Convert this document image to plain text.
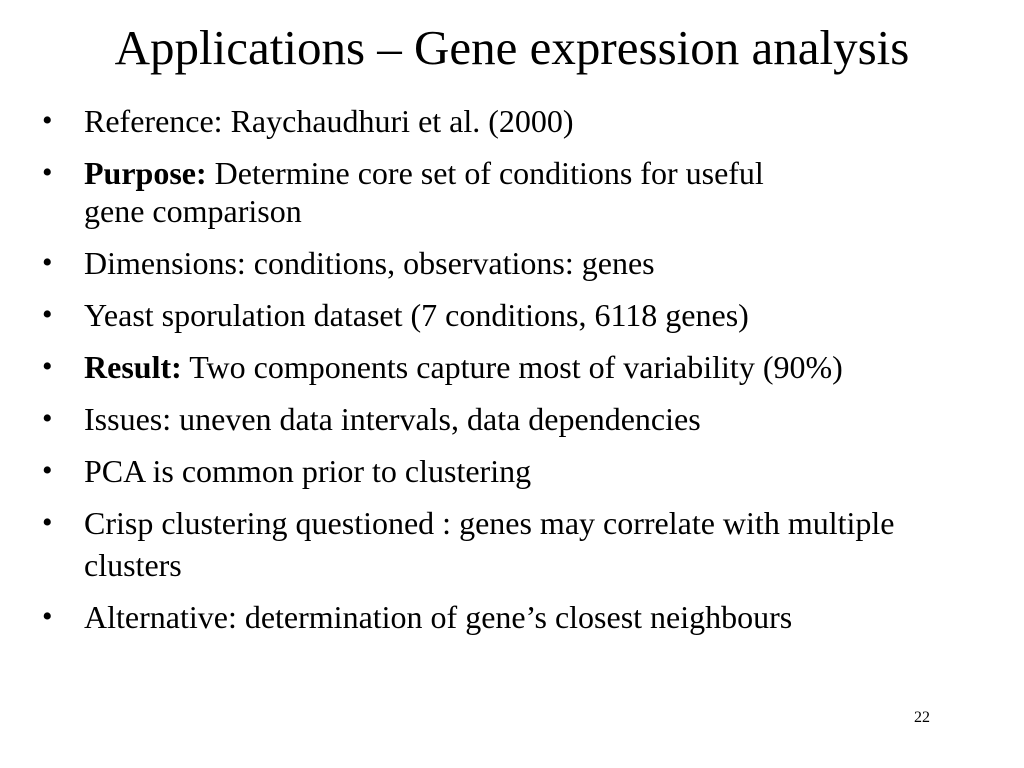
Applications – Gene expression analysis
• Reference: Raychaudhuri et al. (2000)
• Purpose: Determine core set of conditions for useful
gene comparison
• Dimensions: conditions, observations: genes
• Yeast sporulation dataset (7 conditions, 6118 genes)
• Result: Two components capture most of variability (90%)
• Issues: uneven data intervals, data dependencies
• PCA is common prior to clustering
• Crisp clustering questioned : genes may correlate with multiple clusters
• Alternative: determination of gene’s closest neighbours
22
